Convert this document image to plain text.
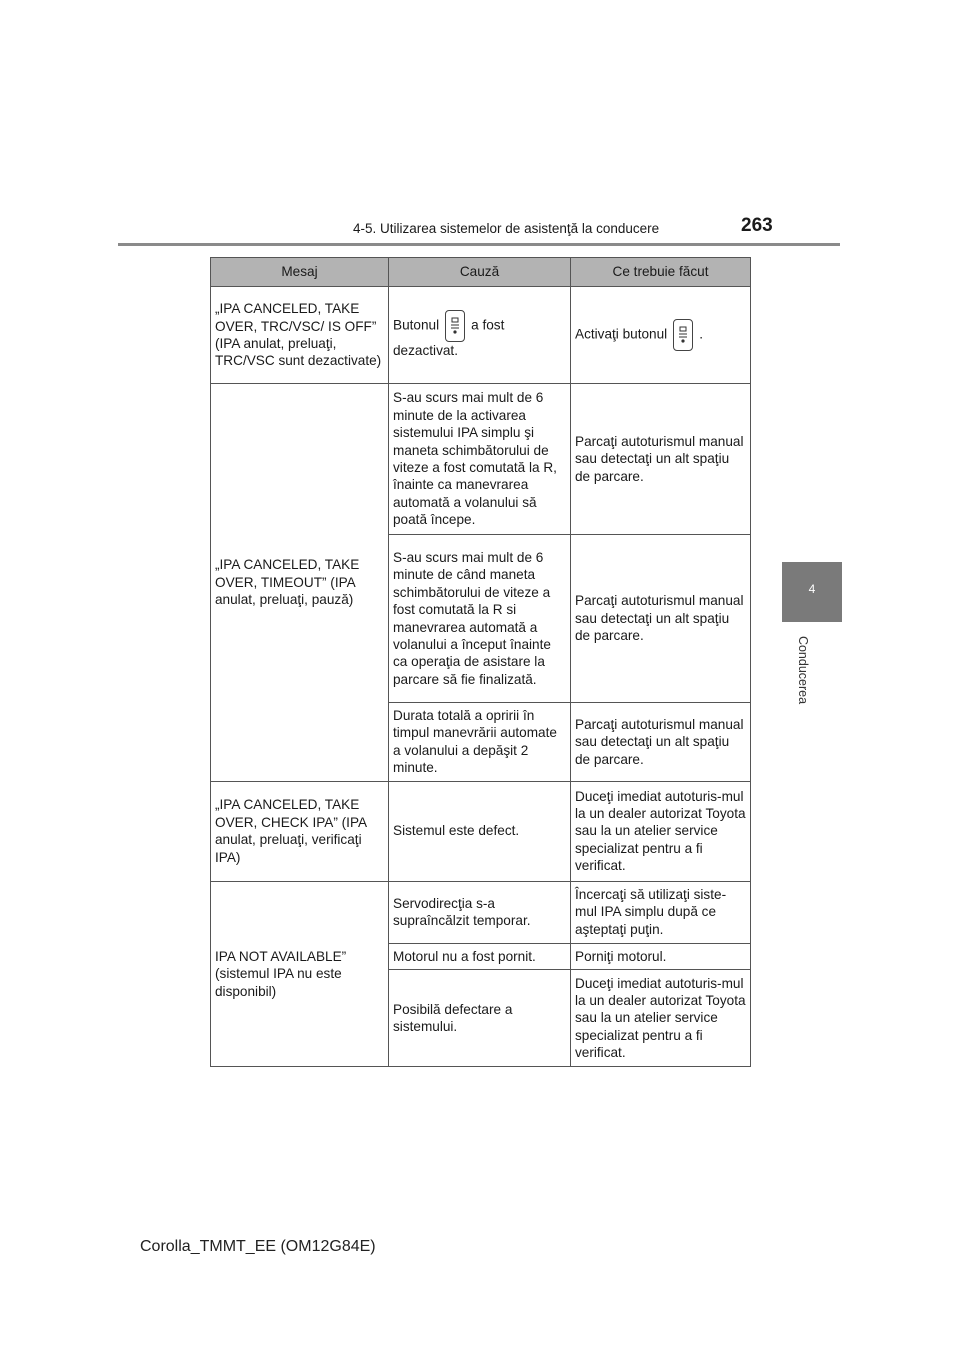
4-5. Utilizarea sistemelor de asistenţă la conducere	263
4
Conducerea
Mesaj	Cauză	Ce trebuie făcut
„IPA CANCELED, TAKE OVER, TRC/VSC/ IS OFF” (IPA anulat, preluaţi, TRC/VSC sunt dezactivate)	Butonul a fost dezactivat.	Activaţi butonul .
„IPA CANCELED, TAKE OVER, TIMEOUT” (IPA anulat, preluaţi, pauză)	S-au scurs mai mult de 6 minute de la activarea sistemului IPA simplu şi maneta schimbătorului de viteze a fost comutată la R, înainte ca manevrarea automată a volanului să poată începe.	Parcaţi autoturismul manual sau detectaţi un alt spaţiu de parcare.
	S-au scurs mai mult de 6 minute de când maneta schimbătorului de viteze a fost comutată la R si manevrarea automată a volanului a început înainte ca operaţia de asistare la parcare să fie finalizată.	Parcaţi autoturismul manual sau detectaţi un alt spaţiu de parcare.
	Durata totală a opririi în timpul manevrării automate a volanului a depăşit 2 minute.	Parcaţi autoturismul manual sau detectaţi un alt spaţiu de parcare.
„IPA CANCELED, TAKE OVER, CHECK IPA” (IPA anulat, preluaţi, verificaţi IPA)	Sistemul este defect.	Duceţi imediat autoturis-mul la un dealer autorizat Toyota sau la un atelier service specializat pentru a fi verificat.
IPA NOT AVAILABLE” (sistemul IPA nu este disponibil)	Servodirecţia s-a supraîncălzit temporar.	Încercaţi să utilizaţi siste-mul IPA simplu după ce aşteptaţi puţin.
	Motorul nu a fost pornit.	Porniţi motorul.
	Posibilă defectare a sistemului.	Duceţi imediat autoturis-mul la un dealer autorizat Toyota sau la un atelier service specializat pentru a fi verificat.
Corolla_TMMT_EE (OM12G84E)
